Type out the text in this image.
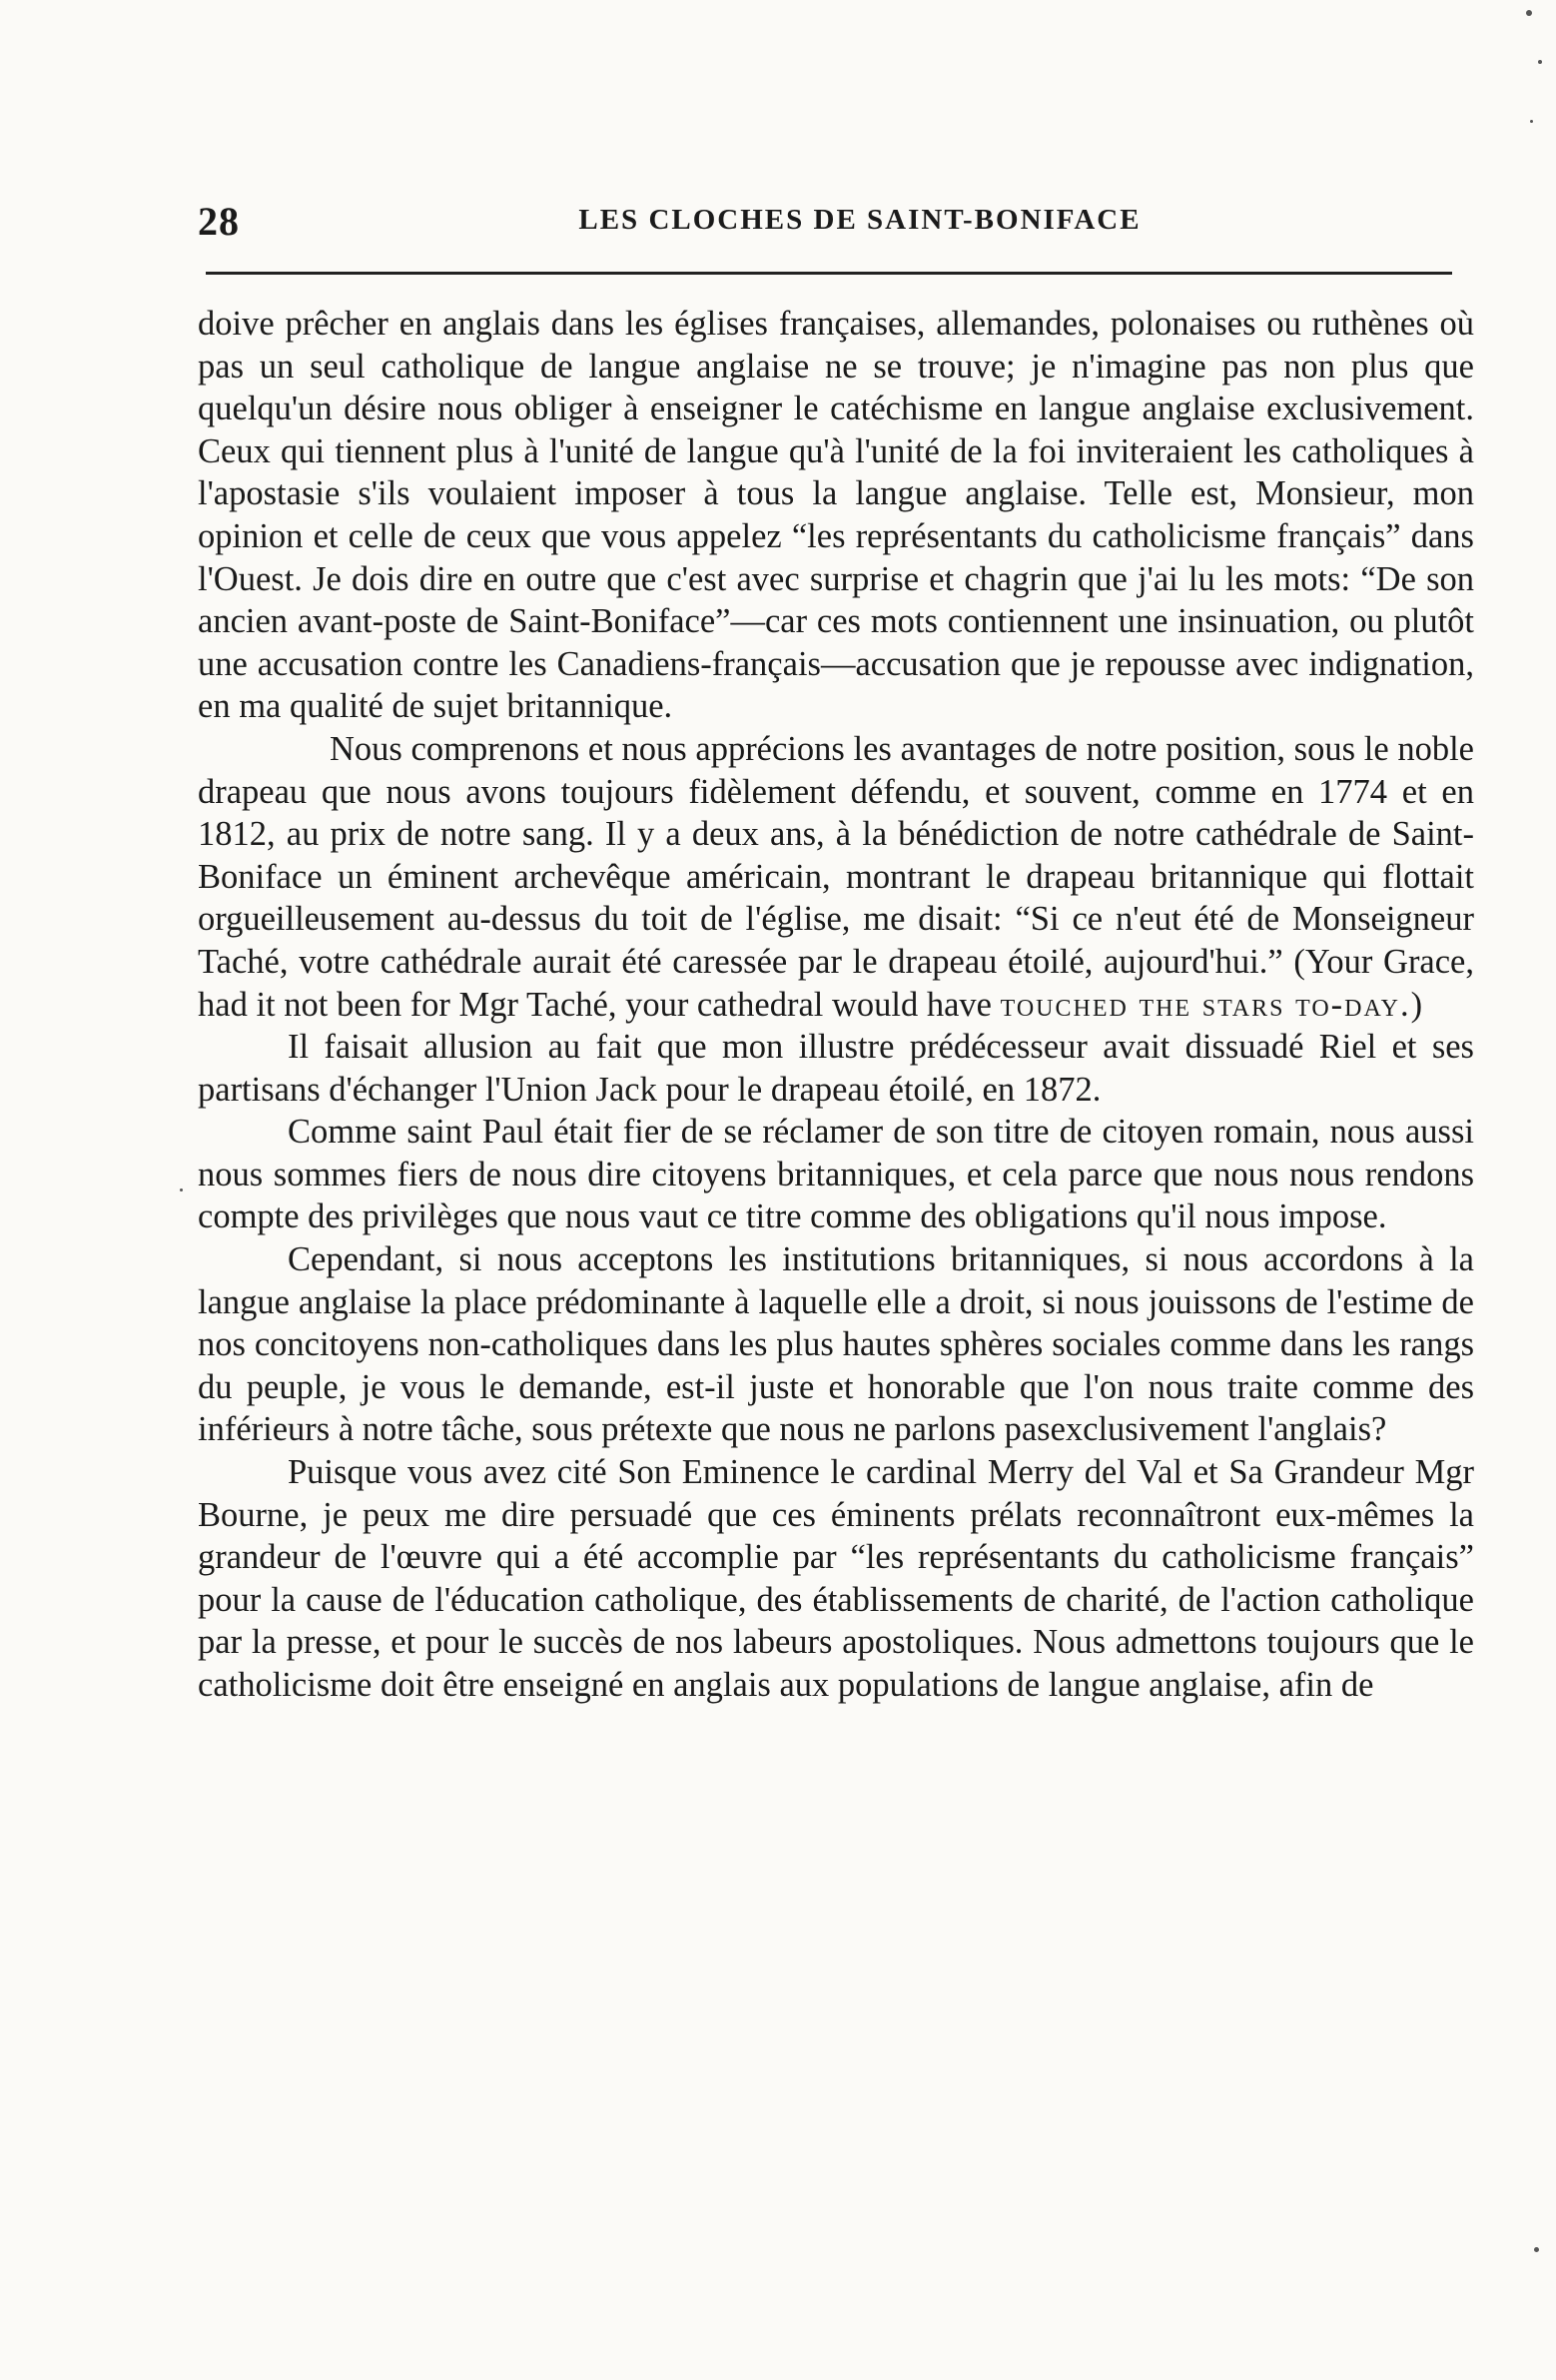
28	LES CLOCHES DE SAINT-BONIFACE

doive prêcher en anglais dans les églises françaises, allemandes, polonaises ou ruthènes où pas un seul catholique de langue anglaise ne se trouve; je n'imagine pas non plus que quelqu'un désire nous obliger à enseigner le catéchisme en langue anglaise exclusivement. Ceux qui tiennent plus à l'unité de langue qu'à l'unité de la foi inviteraient les catholiques à l'apostasie s'ils voulaient imposer à tous la langue anglaise. Telle est, Monsieur, mon opinion et celle de ceux que vous appelez “les représentants du catholicisme français” dans l'Ouest. Je dois dire en outre que c'est avec surprise et chagrin que j'ai lu les mots: “De son ancien avant-poste de Saint-Boniface”—car ces mots contiennent une insinuation, ou plutôt une accusation contre les Canadiens-français—accusation que je repousse avec indignation, en ma qualité de sujet britannique.

Nous comprenons et nous apprécions les avantages de notre position, sous le noble drapeau que nous avons toujours fidèlement défendu, et souvent, comme en 1774 et en 1812, au prix de notre sang. Il y a deux ans, à la bénédiction de notre cathédrale de Saint-Boniface un éminent archevêque américain, montrant le drapeau britannique qui flottait orgueilleusement au-dessus du toit de l'église, me disait: “Si ce n'eut été de Monseigneur Taché, votre cathédrale aurait été caressée par le drapeau étoilé, aujourd'hui.” (Your Grace, had it not been for Mgr Taché, your cathedral would have touched the stars to-day.)

Il faisait allusion au fait que mon illustre prédécesseur avait dissuadé Riel et ses partisans d'échanger l'Union Jack pour le drapeau étoilé, en 1872.

Comme saint Paul était fier de se réclamer de son titre de citoyen romain, nous aussi nous sommes fiers de nous dire citoyens britanniques, et cela parce que nous nous rendons compte des privilèges que nous vaut ce titre comme des obligations qu'il nous impose.

Cependant, si nous acceptons les institutions britanniques, si nous accordons à la langue anglaise la place prédominante à laquelle elle a droit, si nous jouissons de l'estime de nos concitoyens non-catholiques dans les plus hautes sphères sociales comme dans les rangs du peuple, je vous le demande, est-il juste et honorable que l'on nous traite comme des inférieurs à notre tâche, sous prétexte que nous ne parlons pasexclusivement l'anglais?

Puisque vous avez cité Son Eminence le cardinal Merry del Val et Sa Grandeur Mgr Bourne, je peux me dire persuadé que ces éminents prélats reconnaîtront eux-mêmes la grandeur de l'œuvre qui a été accomplie par “les représentants du catholicisme français” pour la cause de l'éducation catholique, des établissements de charité, de l'action catholique par la presse, et pour le succès de nos labeurs apostoliques. Nous admettons toujours que le catholicisme doit être enseigné en anglais aux populations de langue anglaise, afin de
